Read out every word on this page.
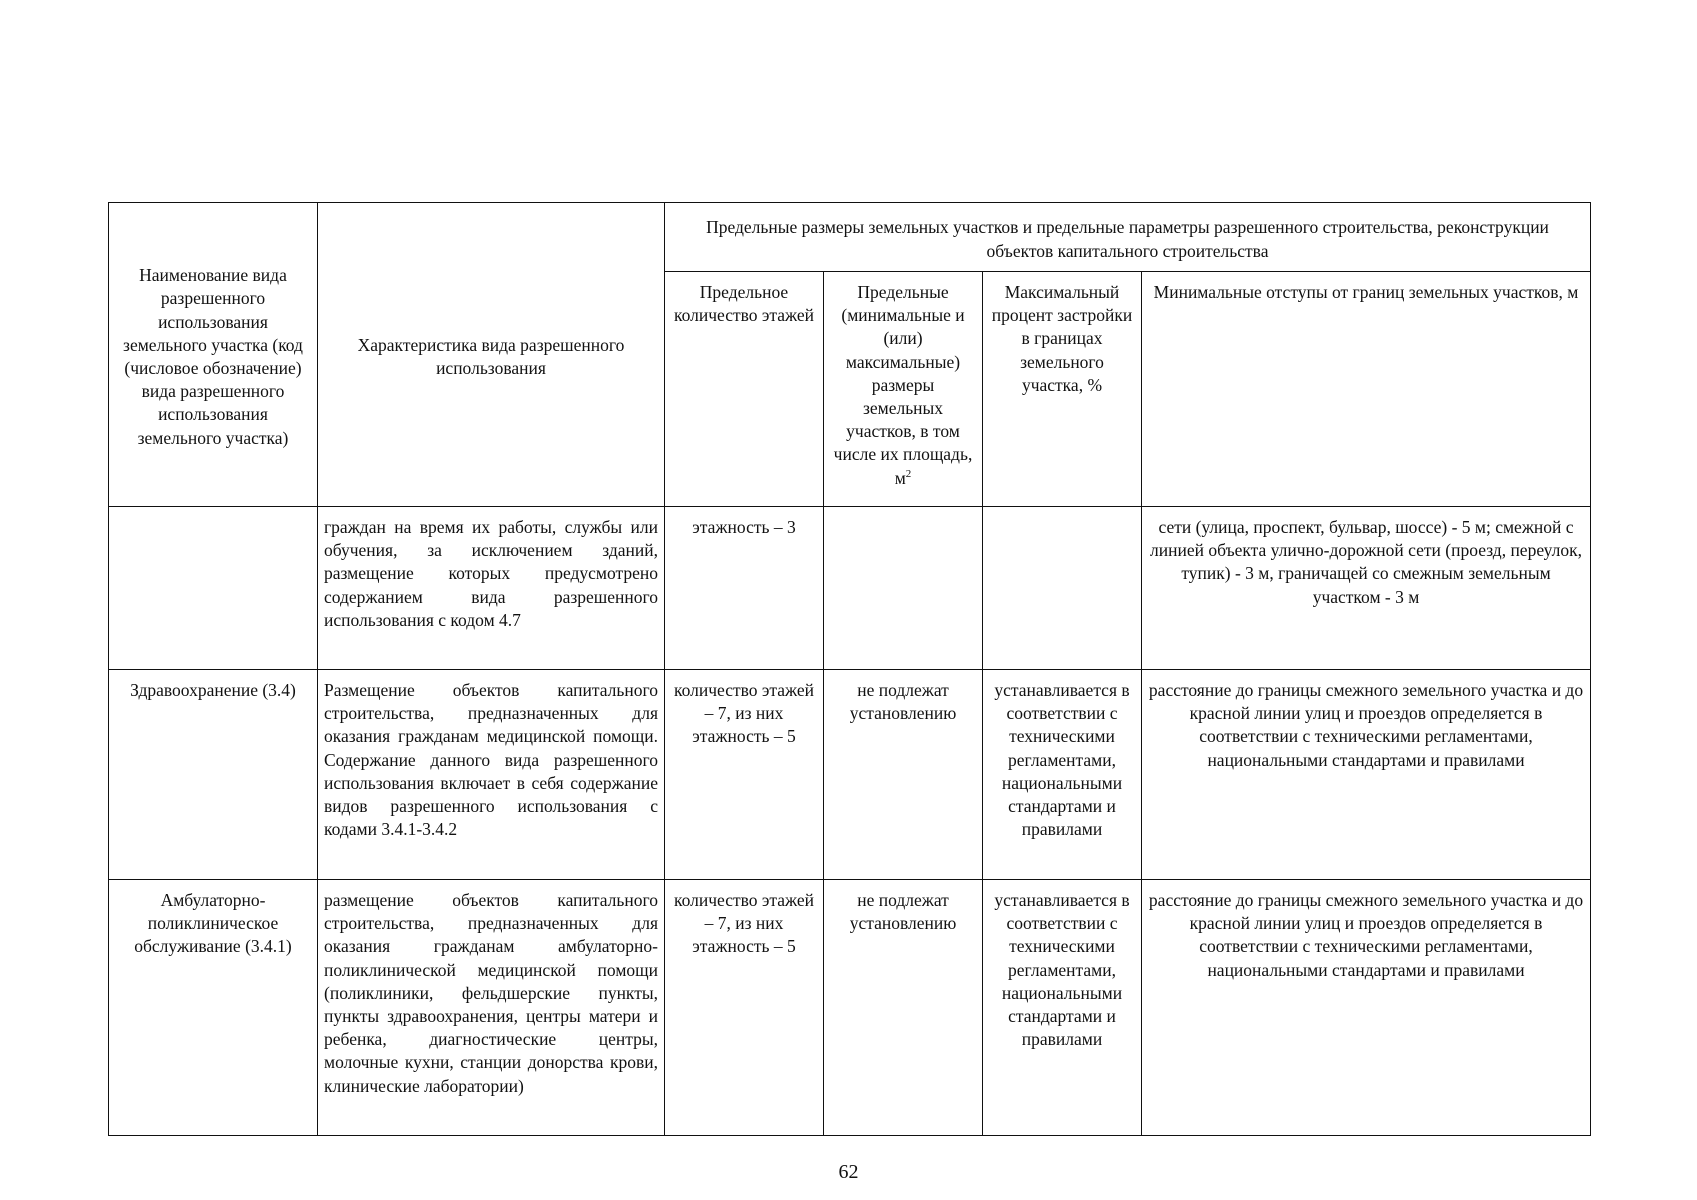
Наименование вида разрешенного использования земельного участка (код (числовое обозначение) вида разрешенного использования земельного участка)	Характеристика вида разрешенного использования	Предельные размеры земельных участков и предельные параметры разрешенного строительства, реконструкции объектов капитального строительства			
		Предельное количество этажей	Предельные (минимальные и (или) максимальные) размеры земельных участков, в том числе их площадь, $м^2$	Максимальный процент застройки в границах земельного участка, %	Минимальные отступы от границ земельных участков, м
	граждан на время их работы, службы или обучения, за исключением зданий, размещение которых предусмотрено содержанием вида разрешенного использования с кодом 4.7	этажность – 3			сети (улица, проспект, бульвар, шоссе) - 5 м; смежной с линией объекта улично-дорожной сети (проезд, переулок, тупик) - 3 м, граничащей со смежным земельным участком - 3 м
Здравоохранение (3.4)	Размещение объектов капитального строительства, предназначенных для оказания гражданам медицинской помощи. Содержание данного вида разрешенного использования включает в себя содержание видов разрешенного использования с кодами 3.4.1-3.4.2	количество этажей – 7, из них этажность – 5	не подлежат установлению	устанавливается в соответствии с техническими регламентами, национальными стандартами и правилами	расстояние до границы смежного земельного участка и до красной линии улиц и проездов определяется в соответствии с техническими регламентами, национальными стандартами и правилами
Амбулаторно-поликлиническое обслуживание (3.4.1)	размещение объектов капитального строительства, предназначенных для оказания гражданам амбулаторно-поликлинической медицинской помощи (поликлиники, фельдшерские пункты, пункты здравоохранения, центры матери и ребенка, диагностические центры, молочные кухни, станции донорства крови, клинические лаборатории)	количество этажей – 7, из них этажность – 5	не подлежат установлению	устанавливается в соответствии с техническими регламентами, национальными стандартами и правилами	расстояние до границы смежного земельного участка и до красной линии улиц и проездов определяется в соответствии с техническими регламентами, национальными стандартами и правилами
62
